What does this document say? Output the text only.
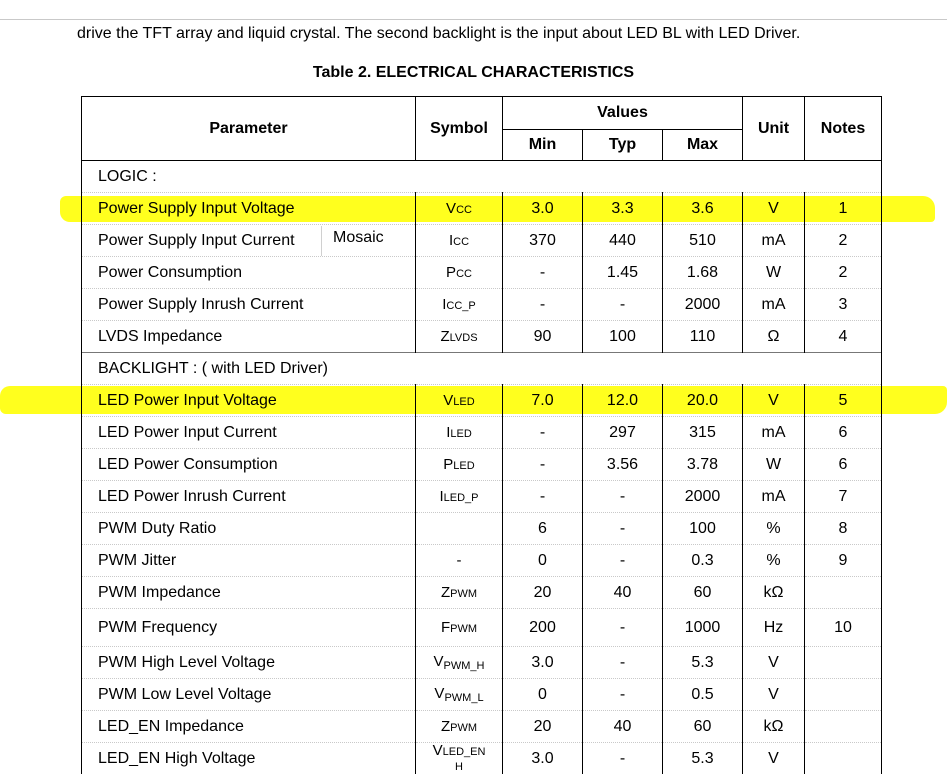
drive the TFT array and liquid crystal. The second backlight is the input about LED BL with LED Driver.
Table 2. ELECTRICAL CHARACTERISTICS
Parameter	Symbol	Values			Unit	Notes
		Min	Typ	Max		
LOGIC :						
Power Supply Input Voltage	VCC	3.0	3.3	3.6	V	1
Power Supply Input Current	ICC	370	440	510	mA	2
Power Consumption	PCC	-	1.45	1.68	W	2
Power Supply Inrush Current	ICC_P	-	-	2000	mA	3
LVDS Impedance	ZLVDS	90	100	110	Ω	4
BACKLIGHT : ( with LED Driver)						
LED Power Input Voltage	VLED	7.0	12.0	20.0	V	5
LED Power Input Current	ILED	-	297	315	mA	6
LED Power Consumption	PLED	-	3.56	3.78	W	6
LED Power Inrush Current	ILED_P	-	-	2000	mA	7
PWM Duty Ratio		6	-	100	%	8
PWM Jitter	-	0	-	0.3	%	9
PWM Impedance	ZPWM	20	40	60	kΩ	
PWM Frequency	FPWM	200	-	1000	Hz	10
PWM High Level Voltage	$V_{PWM\_H}$	3.0	-	5.3	V	
PWM Low Level Voltage	$V_{PWM\_L}$	0	-	0.5	V	
LED_EN Impedance	ZPWM	20	40	60	kΩ	
LED_EN High Voltage	VLED_EN
H	3.0	-	5.3	V	
Mosaic
